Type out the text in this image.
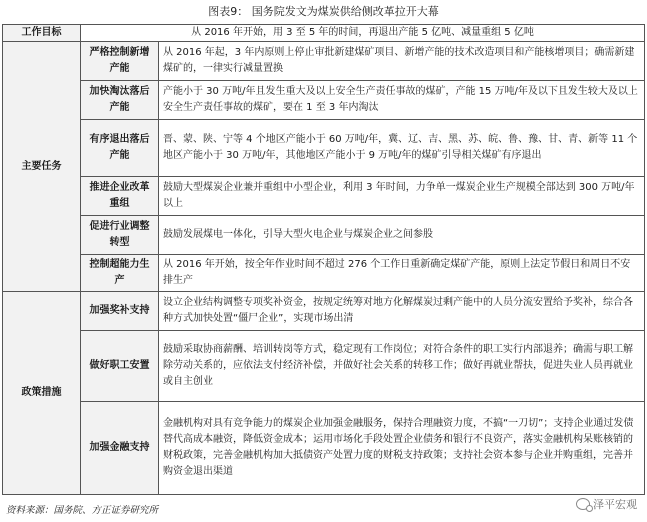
图表9： 国务院发文为煤炭供给侧改革拉开大幕
工作目标	从 2016 年开始，用 3 至 5 年的时间，再退出产能 5 亿吨、减量重组 5 亿吨	
主要任务	严格控制新增产能	从 2016 年起，3 年内原则上停止审批新建煤矿项目、新增产能的技术改造项目和产能核增项目；确需新建煤矿的，一律实行减量置换
	加快淘汰落后产能	产能小于 30 万吨/年且发生重大及以上安全生产责任事故的煤矿，产能 15 万吨/年及以下且发生较大及以上安全生产责任事故的煤矿，要在 1 至 3 年内淘汰
	有序退出落后产能	晋、蒙、陕、宁等 4 个地区产能小于 60 万吨/年，冀、辽、吉、黑、苏、皖、鲁、豫、甘、青、新等 11 个地区产能小于 30 万吨/年，其他地区产能小于 9 万吨/年的煤矿引导相关煤矿有序退出
	推进企业改革重组	鼓励大型煤炭企业兼并重组中小型企业，利用 3 年时间，力争单一煤炭企业生产规模全部达到 300 万吨/年以上
	促进行业调整转型	鼓励发展煤电一体化，引导大型火电企业与煤炭企业之间参股
	控制超能力生产	从 2016 年开始，按全年作业时间不超过 276 个工作日重新确定煤矿产能，原则上法定节假日和周日不安排生产
政策措施	加强奖补支持	设立企业结构调整专项奖补资金，按规定统筹对地方化解煤炭过剩产能中的人员分流安置给予奖补，综合各种方式加快处置“僵尸企业”，实现市场出清
	做好职工安置	鼓励采取协商薪酬、培训转岗等方式，稳定现有工作岗位；对符合条件的职工实行内部退养；确需与职工解除劳动关系的，应依法支付经济补偿，并做好社会关系的转移工作；做好再就业帮扶，促进失业人员再就业或自主创业
	加强金融支持	金融机构对具有竞争能力的煤炭企业加强金融服务，保持合理融资力度，不搞“一刀切”；支持企业通过发债替代高成本融资，降低资金成本；运用市场化手段处置企业债务和银行不良资产，落实金融机构呆账核销的财税政策，完善金融机构加大抵债资产处置力度的财税支持政策；支持社会资本参与企业并购重组，完善并购资金退出渠道
资料来源：国务院、方正证券研究所	泽平宏观
